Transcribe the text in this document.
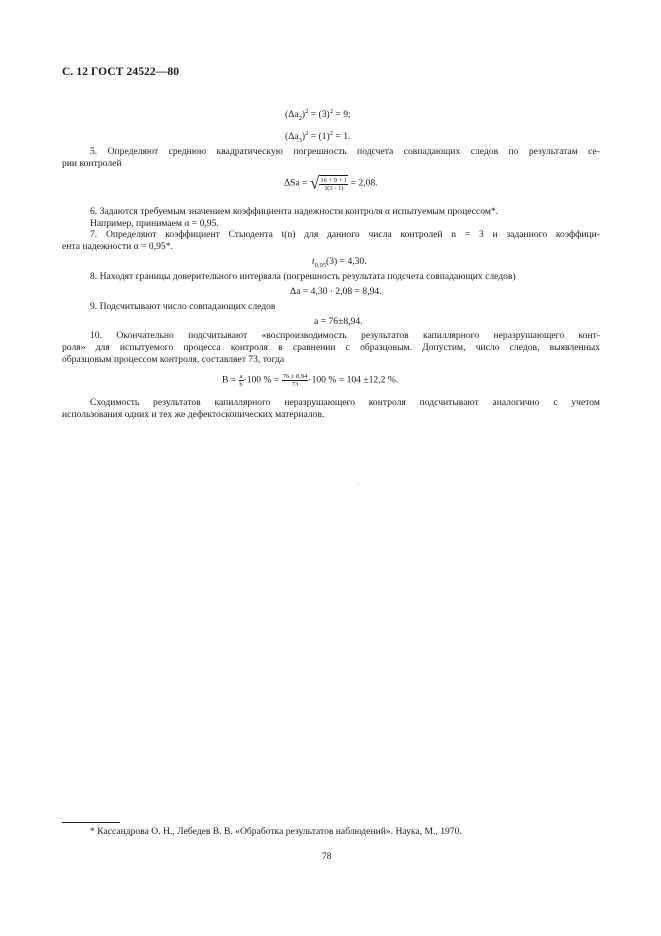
С. 12 ГОСТ 24522—80
$(\Delta a_2)^2 = (3)^2 = 9$;
$(\Delta a_3)^2 = (1)^2 = 1$.
5. Определяют среднюю квадратическую погрешность подсчета совпадающих следов по результатам се-
рии контролей
ΔSa = √ $\frac{16 + 9 + 1}{3(3 - 1)} = 2,08$.
6. Задаются требуемым значением коэффициента надежности контроля α испытуемым процессом*.
Например, принимаем α = 0,95.
7. Определяют коэффициент Стьюдента t(n) для данного числа контролей n = 3 и заданного коэффици-
ента надежности α = 0,95*.
$t_{0,95}(3) = 4,30$.
8. Находят границы доверительного интервала (погрешность результата подсчета совпадающих следов)
Δa = 4,30 · 2,08 = 8,94.
9. Подсчитывают число совпадающих следов
a = 76±8,94.
10. Окончательно подсчитывают «воспроизводимость результатов капиллярного неразрушающего конт-
роля» для испытуемого процесса контроля в сравнении с образцовым. Допустим, число следов, выявленных
образцовым процессом контроля, составляет 73, тогда
$B = \frac{a}{b} \cdot 100$ % = $\frac{76 \pm 8,94}{73} \cdot 100$ % = 104 ±12,2 %.
Сходимость результатов капиллярного неразрушающего контроля подсчитывают аналогично с учетом
использования одних и тех же дефектоскопических материалов.
* Кассандрова О. Н., Лебедев В. В. «Обработка результатов наблюдений». Наука, М., 1970.
78
